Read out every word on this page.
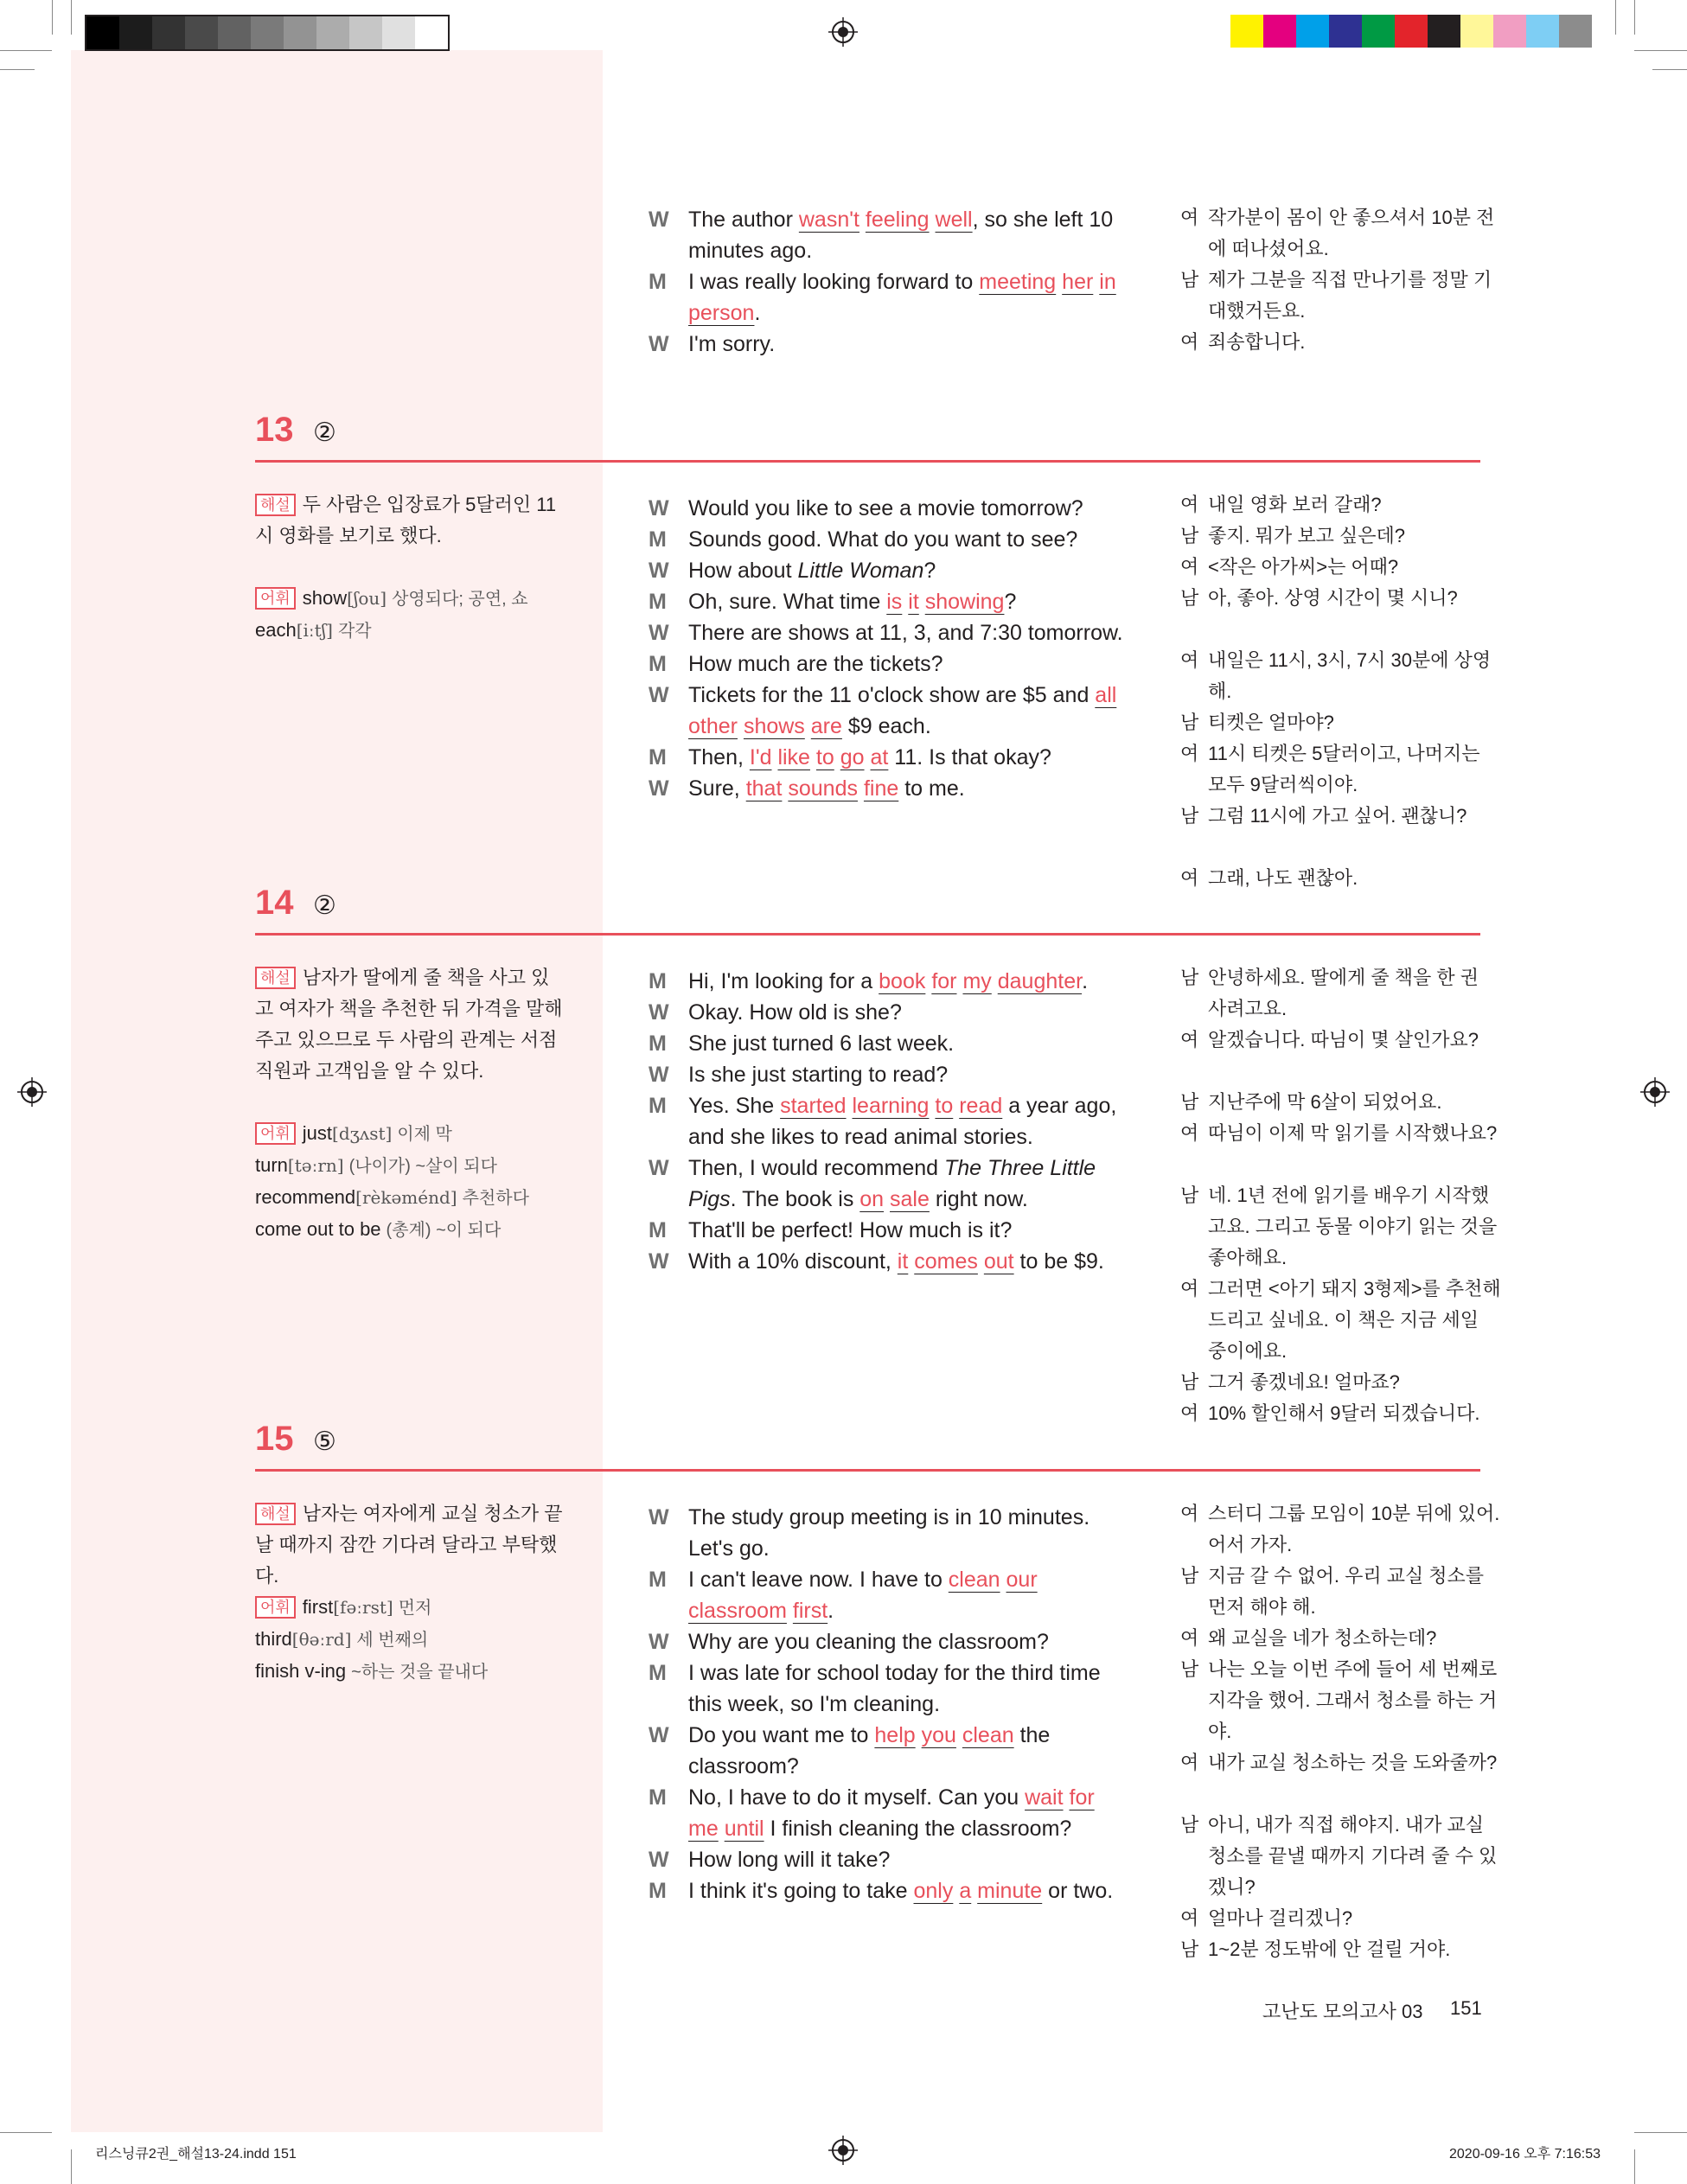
W The author wasn't feeling well, so she left 10 minutes ago.
M I was really looking forward to meeting her in person.
W I'm sorry.
여 작가분이 몸이 안 좋으셔서 10분 전에 떠나셨어요.
남 제가 그분을 직접 만나기를 정말 기대했거든요.
여 죄송합니다.
13 ②
해설 두 사람은 입장료가 5달러인 11시 영화를 보기로 했다.
어휘 show[ʃou] 상영되다; 공연, 쇼
each[iːtʃ] 각각
W Would you like to see a movie tomorrow?
M Sounds good. What do you want to see?
W How about Little Woman?
M Oh, sure. What time is it showing?
W There are shows at 11, 3, and 7:30 tomorrow.
M How much are the tickets?
W Tickets for the 11 o'clock show are $5 and all other shows are $9 each.
M Then, I'd like to go at 11. Is that okay?
W Sure, that sounds fine to me.
여 내일 영화 보러 갈래?
남 좋지. 뭐가 보고 싶은데?
여 <작은 아가씨>는 어때?
남 아, 좋아. 상영 시간이 몇 시니?
여 내일은 11시, 3시, 7시 30분에 상영해.
남 티켓은 얼마야?
여 11시 티켓은 5달러이고, 나머지는 모두 9달러씩이야.
남 그럼 11시에 가고 싶어. 괜찮니?
여 그래, 나도 괜찮아.
14 ②
해설 남자가 딸에게 줄 책을 사고 있고 여자가 책을 추천한 뒤 가격을 말해 주고 있으므로 두 사람의 관계는 서점 직원과 고객임을 알 수 있다.
어휘 just[dʒʌst] 이제 막
turn[təːrn] (나이가) ~살이 되다
recommend[rèkəménd] 추천하다
come out to be (총계) ~이 되다
M Hi, I'm looking for a book for my daughter.
W Okay. How old is she?
M She just turned 6 last week.
W Is she just starting to read?
M Yes. She started learning to read a year ago, and she likes to read animal stories.
W Then, I would recommend The Three Little Pigs. The book is on sale right now.
M That'll be perfect! How much is it?
W With a 10% discount, it comes out to be $9.
남 안녕하세요. 딸에게 줄 책을 한 권 사려고요.
여 알겠습니다. 따님이 몇 살인가요?
남 지난주에 막 6살이 되었어요.
여 따님이 이제 막 읽기를 시작했나요?
남 네. 1년 전에 읽기를 배우기 시작했고요. 그리고 동물 이야기 읽는 것을 좋아해요.
여 그러면 <아기 돼지 3형제>를 추천해 드리고 싶네요. 이 책은 지금 세일 중이에요.
남 그거 좋겠네요! 얼마죠?
여 10% 할인해서 9달러 되겠습니다.
15 ⑤
해설 남자는 여자에게 교실 청소가 끝날 때까지 잠깐 기다려 달라고 부탁했다.
어휘 first[fəːrst] 먼저
third[θəːrd] 세 번째의
finish v-ing ~하는 것을 끝내다
W The study group meeting is in 10 minutes. Let's go.
M I can't leave now. I have to clean our classroom first.
W Why are you cleaning the classroom?
M I was late for school today for the third time this week, so I'm cleaning.
W Do you want me to help you clean the classroom?
M No, I have to do it myself. Can you wait for me until I finish cleaning the classroom?
W How long will it take?
M I think it's going to take only a minute or two.
여 스터디 그룹 모임이 10분 뒤에 있어. 어서 가자.
남 지금 갈 수 없어. 우리 교실 청소를 먼저 해야 해.
여 왜 교실을 네가 청소하는데?
남 나는 오늘 이번 주에 들어 세 번째로 지각을 했어. 그래서 청소를 하는 거야.
여 내가 교실 청소하는 것을 도와줄까?
남 아니, 내가 직접 해야지. 내가 교실 청소를 끝낼 때까지 기다려 줄 수 있겠니?
여 얼마나 걸리겠니?
남 1~2분 정도밖에 안 걸릴 거야.
고난도 모의고사 03 151
리스닝큐2권_해설13-24.indd 151	2020-09-16 오후 7:16:53
